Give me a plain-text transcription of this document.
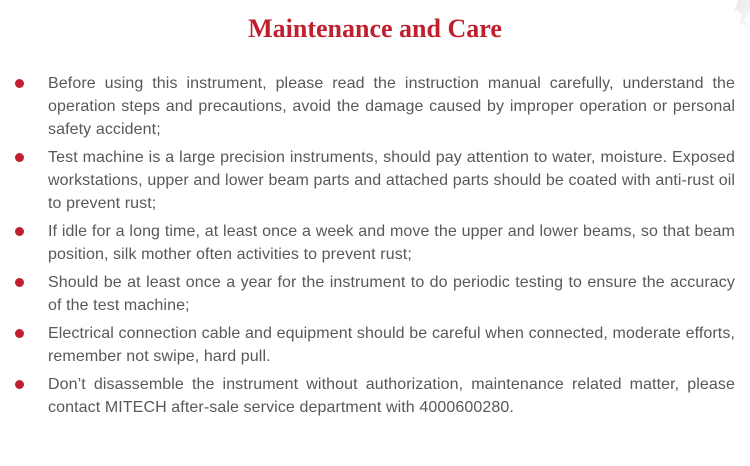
Maintenance and Care
Before using this instrument, please read the instruction manual carefully, understand the operation steps and precautions, avoid the damage caused by improper operation or personal safety accident;
Test machine is a large precision instruments, should pay attention to water, moisture. Exposed workstations, upper and lower beam parts and attached parts should be coated with anti-rust oil to prevent rust;
If idle for a long time, at least once a week and move the upper and lower beams, so that beam position, silk mother often activities to prevent rust;
Should be at least once a year for the instrument to do periodic testing to ensure the accuracy of the test machine;
Electrical connection cable and equipment should be careful when connected, moderate efforts, remember not swipe, hard pull.
Don’t disassemble the instrument without authorization, maintenance related matter, please contact MITECH after-sale service department with 4000600280.
